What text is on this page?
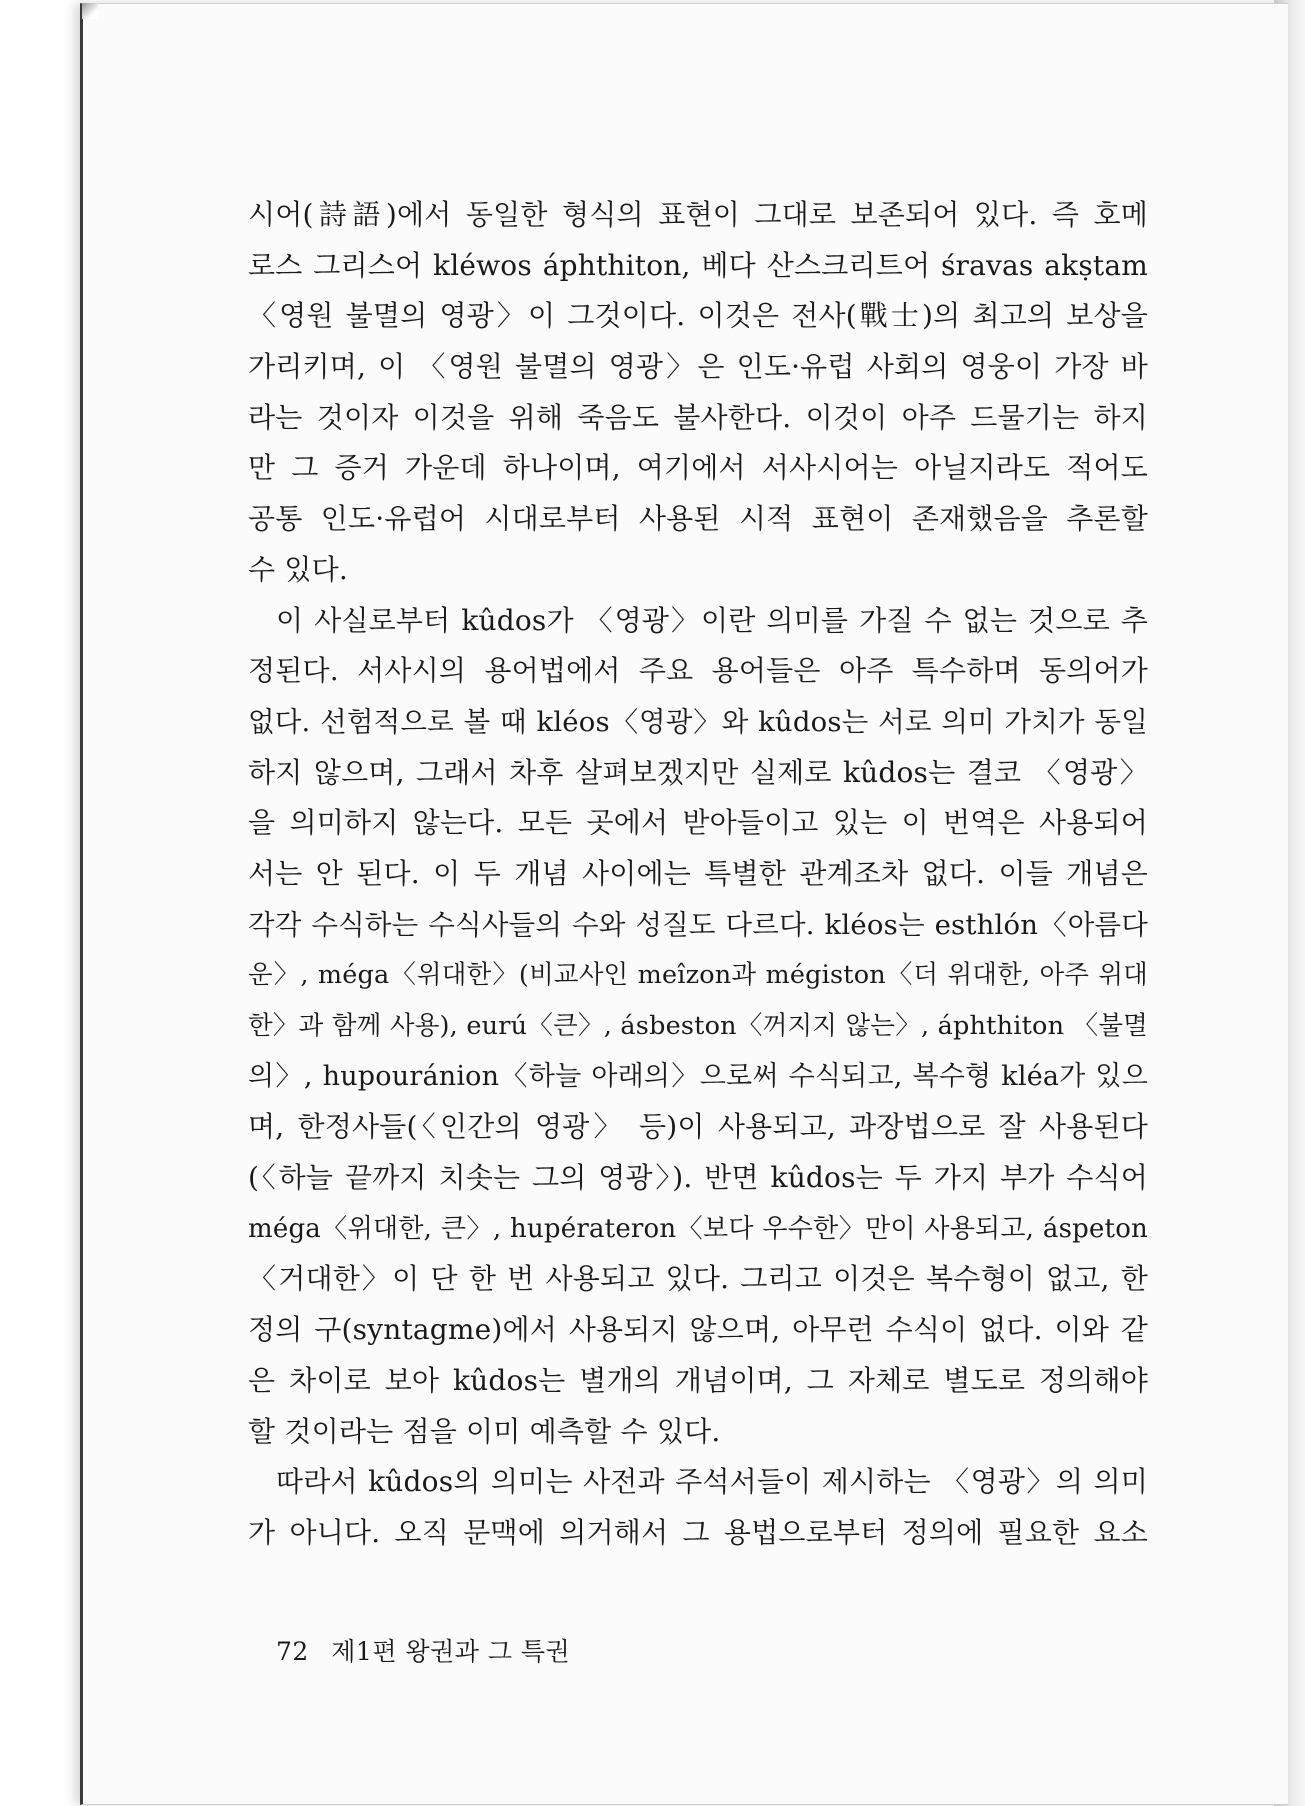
시어(詩語)에서 동일한 형식의 표현이 그대로 보존되어 있다. 즉 호메
로스 그리스어 kléwos áphthiton, 베다 산스크리트어 śravas akṣtam
〈영원 불멸의 영광〉이 그것이다. 이것은 전사(戰士)의 최고의 보상을
가리키며, 이 〈영원 불멸의 영광〉은 인도·유럽 사회의 영웅이 가장 바
라는 것이자 이것을 위해 죽음도 불사한다. 이것이 아주 드물기는 하지
만 그 증거 가운데 하나이며, 여기에서 서사시어는 아닐지라도 적어도
공통 인도·유럽어 시대로부터 사용된 시적 표현이 존재했음을 추론할
수 있다.
이 사실로부터 kûdos가 〈영광〉이란 의미를 가질 수 없는 것으로 추
정된다. 서사시의 용어법에서 주요 용어들은 아주 특수하며 동의어가
없다. 선험적으로 볼 때 kléos〈영광〉와 kûdos는 서로 의미 가치가 동일
하지 않으며, 그래서 차후 살펴보겠지만 실제로 kûdos는 결코 〈영광〉
을 의미하지 않는다. 모든 곳에서 받아들이고 있는 이 번역은 사용되어
서는 안 된다. 이 두 개념 사이에는 특별한 관계조차 없다. 이들 개념은
각각 수식하는 수식사들의 수와 성질도 다르다. kléos는 esthlón〈아름다
운〉, méga〈위대한〉(비교사인 meîzon과 mégiston〈더 위대한, 아주 위대
한〉과 함께 사용), eurú〈큰〉, ásbeston〈꺼지지 않는〉, áphthiton 〈불멸
의〉, hupouránion〈하늘 아래의〉으로써 수식되고, 복수형 kléa가 있으
며, 한정사들(〈인간의 영광〉 등)이 사용되고, 과장법으로 잘 사용된다
(〈하늘 끝까지 치솟는 그의 영광〉). 반면 kûdos는 두 가지 부가 수식어
méga〈위대한, 큰〉, hupérateron〈보다 우수한〉만이 사용되고, áspeton
〈거대한〉이 단 한 번 사용되고 있다. 그리고 이것은 복수형이 없고, 한
정의 구(syntagme)에서 사용되지 않으며, 아무런 수식이 없다. 이와 같
은 차이로 보아 kûdos는 별개의 개념이며, 그 자체로 별도로 정의해야
할 것이라는 점을 이미 예측할 수 있다.
따라서 kûdos의 의미는 사전과 주석서들이 제시하는 〈영광〉의 의미
가 아니다. 오직 문맥에 의거해서 그 용법으로부터 정의에 필요한 요소
72 제1편 왕권과 그 특권
